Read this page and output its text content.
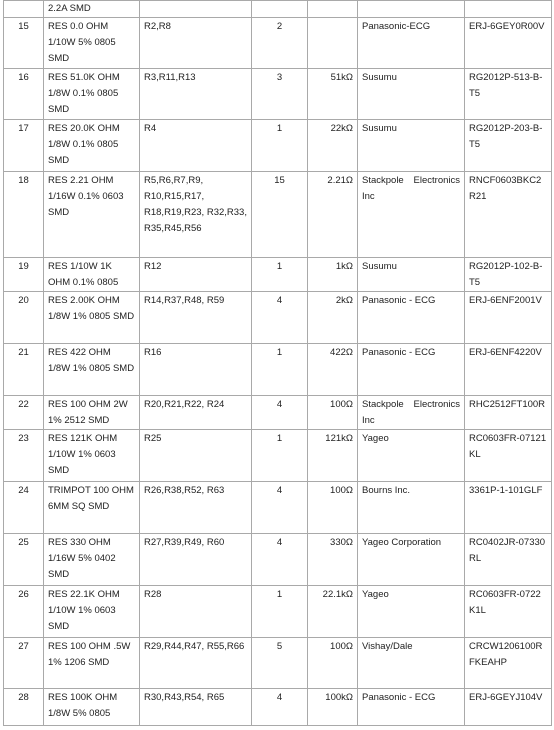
	2.2A SMD					
15	RES 0.0 OHM 1/10W 5% 0805 SMD	R2,R8	2		Panasonic-ECG	ERJ-6GEY0R00V
16	RES 51.0K OHM 1/8W 0.1% 0805 SMD	R3,R11,R13	3	51kΩ	Susumu	RG2012P-513-B-T5
17	RES 20.0K OHM 1/8W 0.1% 0805 SMD	R4	1	22kΩ	Susumu	RG2012P-203-B-T5
18	RES 2.21 OHM 1/16W 0.1% 0603 SMD	R5,R6,R7,R9, R10,R15,R17, R18,R19,R23, R32,R33, R35,R45,R56	15	2.21Ω	Stackpole Electronics Inc	RNCF0603BKC2R21
19	RES 1/10W 1K OHM 0.1% 0805	R12	1	1kΩ	Susumu	RG2012P-102-B-T5
20	RES 2.00K OHM 1/8W 1% 0805 SMD	R14,R37,R48, R59	4	2kΩ	Panasonic - ECG	ERJ-6ENF2001V
21	RES 422 OHM 1/8W 1% 0805 SMD	R16	1	422Ω	Panasonic - ECG	ERJ-6ENF4220V
22	RES 100 OHM 2W 1% 2512 SMD	R20,R21,R22, R24	4	100Ω	Stackpole Electronics Inc	RHC2512FT100R
23	RES 121K OHM 1/10W 1% 0603 SMD	R25	1	121kΩ	Yageo	RC0603FR-07121KL
24	TRIMPOT 100 OHM 6MM SQ SMD	R26,R38,R52, R63	4	100Ω	Bourns Inc.	3361P-1-101GLF
25	RES 330 OHM 1/16W 5% 0402 SMD	R27,R39,R49, R60	4	330Ω	Yageo Corporation	RC0402JR-07330RL
26	RES 22.1K OHM 1/10W 1% 0603 SMD	R28	1	22.1kΩ	Yageo	RC0603FR-0722K1L
27	RES 100 OHM .5W 1% 1206 SMD	R29,R44,R47, R55,R66	5	100Ω	Vishay/Dale	CRCW1206100RFKEAHP
28	RES 100K OHM 1/8W 5% 0805	R30,R43,R54, R65	4	100kΩ	Panasonic - ECG	ERJ-6GEYJ104V
